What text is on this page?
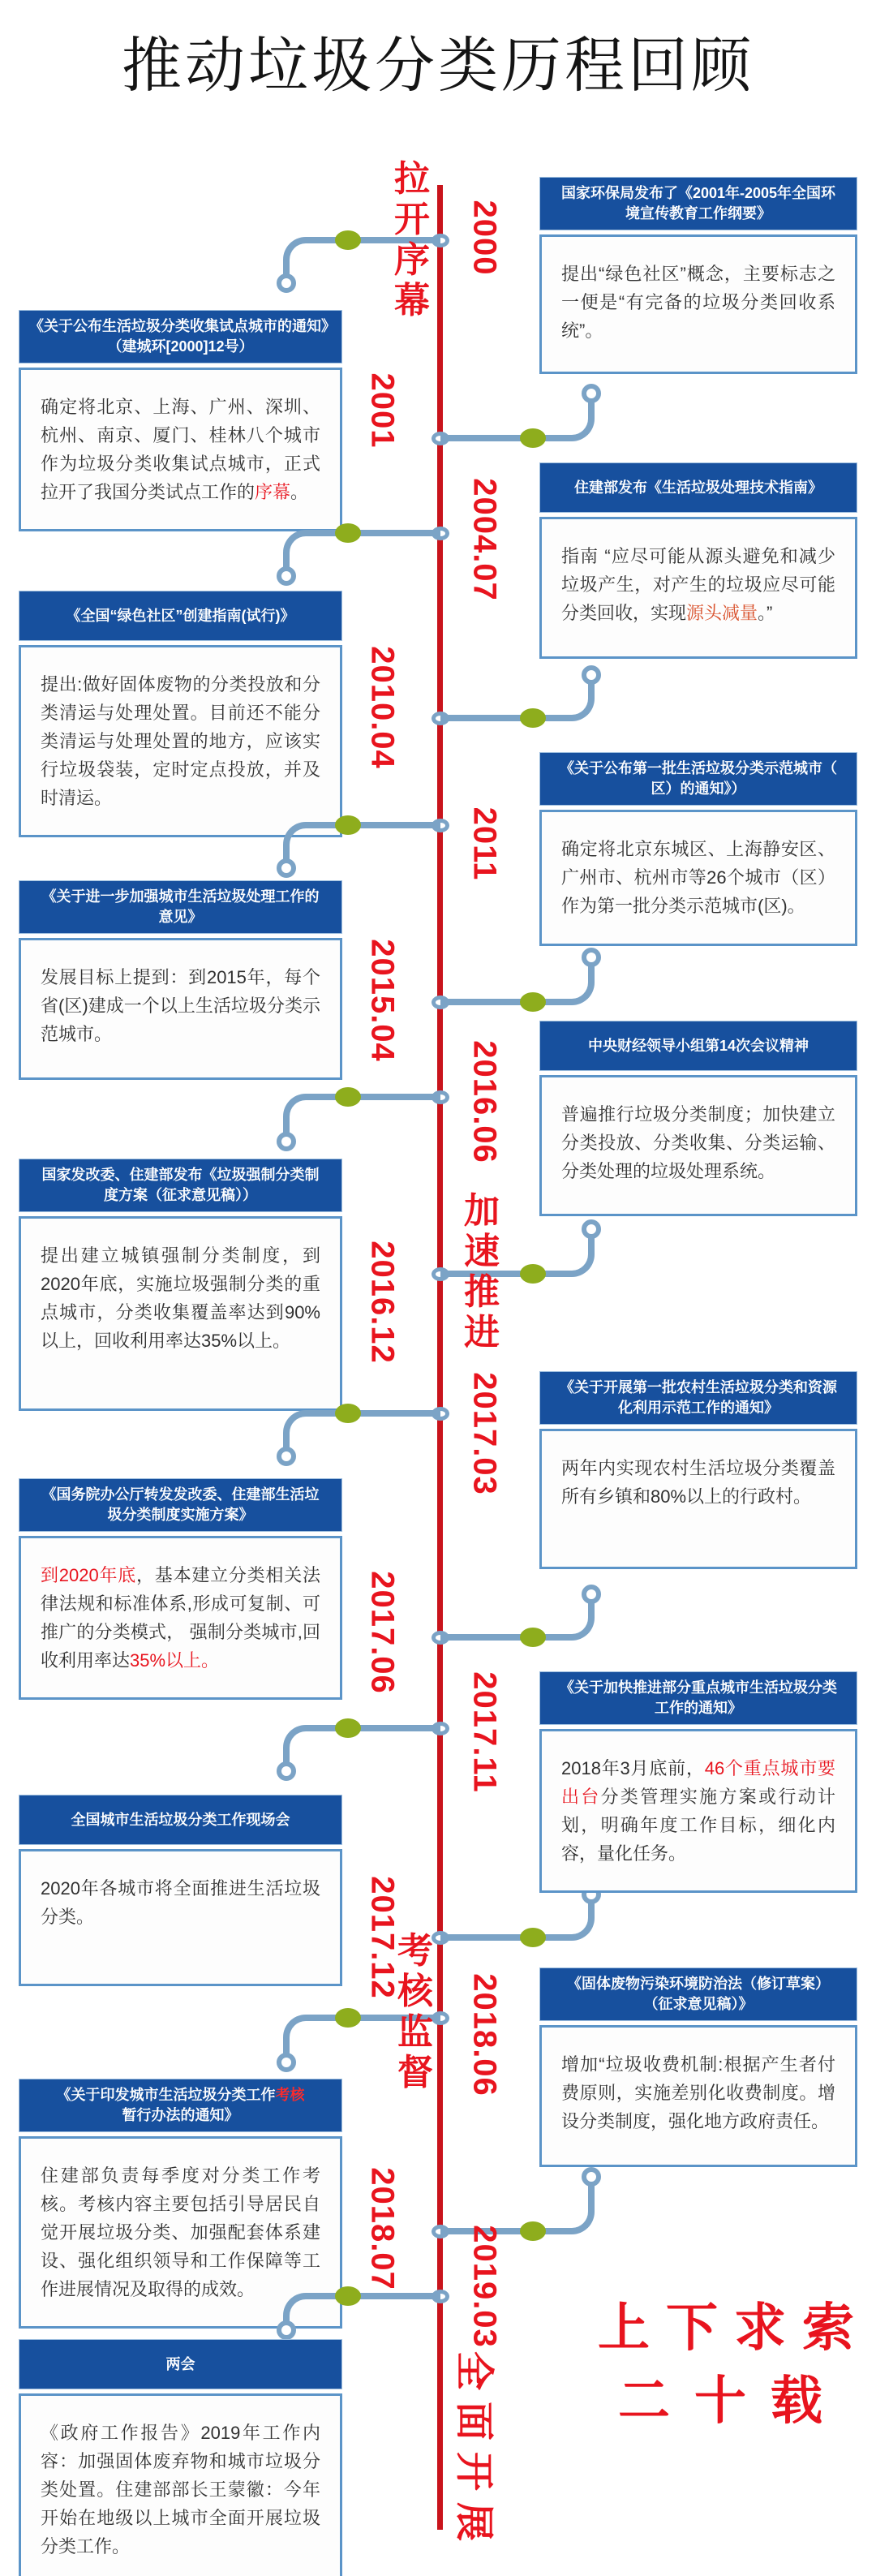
推动垃圾分类历程回顾
2000
《关于公布生活垃圾分类收集试点城市的通知》
（建城环[2000]12号）
确定将北京、上海、广州、深圳、杭州、南京、厦门、桂林八个城市作为垃圾分类收集试点城市，正式拉开了我国分类试点工作的序幕。
2001
国家环保局发布了《2001年-2005年全国环
境宣传教育工作纲要》
提出“绿色社区”概念，主要标志之一便是“有完备的垃圾分类回收系统”。
2004.07
《全国“绿色社区”创建指南(试行)》
提出:做好固体废物的分类投放和分类清运与处理处置。目前还不能分类清运与处理处置的地方，应该实行垃圾袋装，定时定点投放，并及时清运。
2010.04
住建部发布《生活垃圾处理技术指南》
指南 “应尽可能从源头避免和减少垃圾产生，对产生的垃圾应尽可能分类回收，实现源头减量。”
2011
《关于进一步加强城市生活垃圾处理工作的
意见》
发展目标上提到：到2015年，每个省(区)建成一个以上生活垃圾分类示范城市。	2015.04
《关于公布第一批生活垃圾分类示范城市（
区）的通知》）
确定将北京东城区、上海静安区、广州市、杭州市等26个城市（区）作为第一批分类示范城市(区)。
2016.06
国家发改委、住建部发布《垃圾强制分类制
度方案（征求意见稿））
提出建立城镇强制分类制度，到2020年底，实施垃圾强制分类的重点城市，分类收集覆盖率达到90%以上，回收利用率达35%以上。	2016.12
中央财经领导小组第14次会议精神
普遍推行垃圾分类制度；加快建立分类投放、分类收集、分类运输、分类处理的垃圾处理系统。
2017.03
《国务院办公厅转发发改委、住建部生活垃
圾分类制度实施方案》
到2020年底，基本建立分类相关法律法规和标准体系,形成可复制、可推广的分类模式， 强制分类城市,回收利用率达35%以上。	2017.06
《关于开展第一批农村生活垃圾分类和资源
化利用示范工作的通知》
两年内实现农村生活垃圾分类覆盖所有乡镇和80%以上的行政村。
2017.11
全国城市生活垃圾分类工作现场会
2020年各城市将全面推进生活垃圾分类。	2017.12
《关于加快推进部分重点城市生活垃圾分类
工作的通知》
2018年3月底前，46个重点城市要出台分类管理实施方案或行动计划，明确年度工作目标，细化内容，量化任务。
2018.06
《关于印发城市生活垃圾分类工作考核
暂行办法的通知》
住建部负责每季度对分类工作考核。考核内容主要包括引导居民自觉开展垃圾分类、加强配套体系建设、强化组织领导和工作保障等工作进展情况及取得的成效。	2018.07
《固体废物污染环境防治法（修订草案）
（征求意见稿）》
增加“垃圾收费机制:根据产生者付费原则，实施差别化收费制度。增设分类制度，强化地方政府责任。
2019.03
两会
《政府工作报告》2019年工作内容：加强固体废弃物和城市垃圾分类处置。住建部部长王蒙徽：今年开始在地级以上城市全面开展垃圾分类工作。
拉开序幕
加速推进
考核监督
全面开展
上下求索
二十载
